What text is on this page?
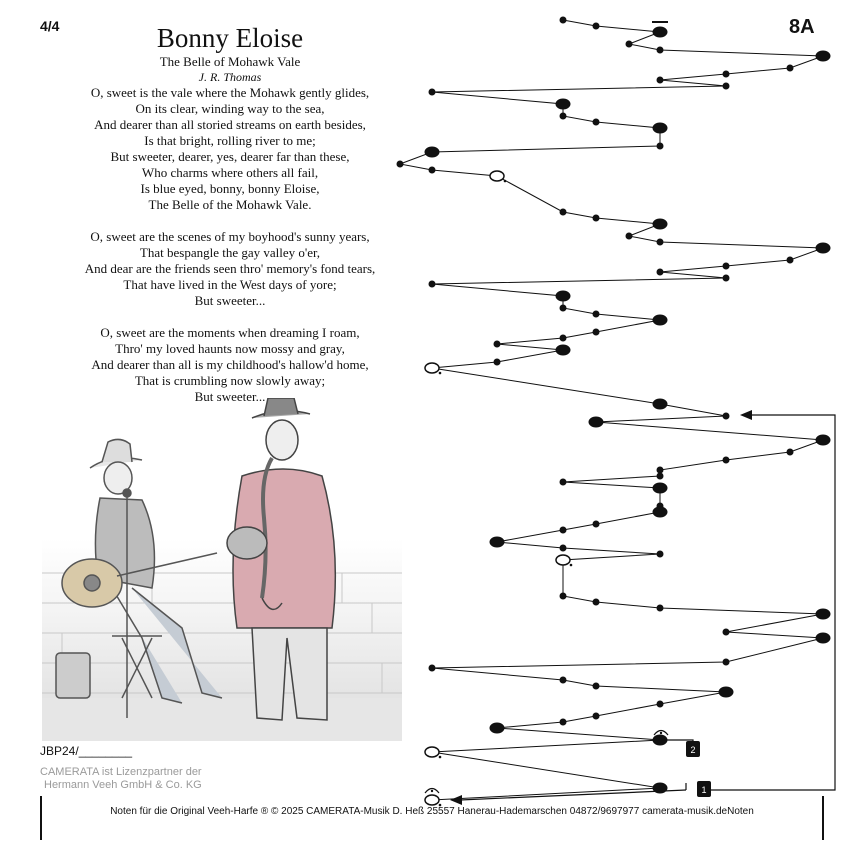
4/4	8A
Bonny Eloise
The Belle of Mohawk Vale
J. R. Thomas
O, sweet is the vale where the Mohawk gently glides,
On its clear, winding way to the sea,
And dearer than all storied streams on earth besides,
Is that bright, rolling river to me;
But sweeter, dearer, yes, dearer far than these,
Who charms where others all fail,
Is blue eyed, bonny, bonny Eloise,
The Belle of the Mohawk Vale.
O, sweet are the scenes of my boyhood's sunny years,
That bespangle the gay valley o'er,
And dear are the friends seen thro' memory's fond tears,
That have lived in the West days of yore;
But sweeter...
O, sweet are the moments when dreaming I roam,
Thro' my loved haunts now mossy and gray,
And dearer than all is my childhood's hallow'd home,
That is crumbling now slowly away;
But sweeter...
JBP24/________
CAMERATA ist Lizenzpartner der
Hermann Veeh GmbH & Co. KG
Noten für die Original Veeh-Harfe ® © 2025 CAMERATA-Musik D. Heß 25557 Hanerau-Hademarschen 04872/9697977 camerata-musik.deNoten
2
1
